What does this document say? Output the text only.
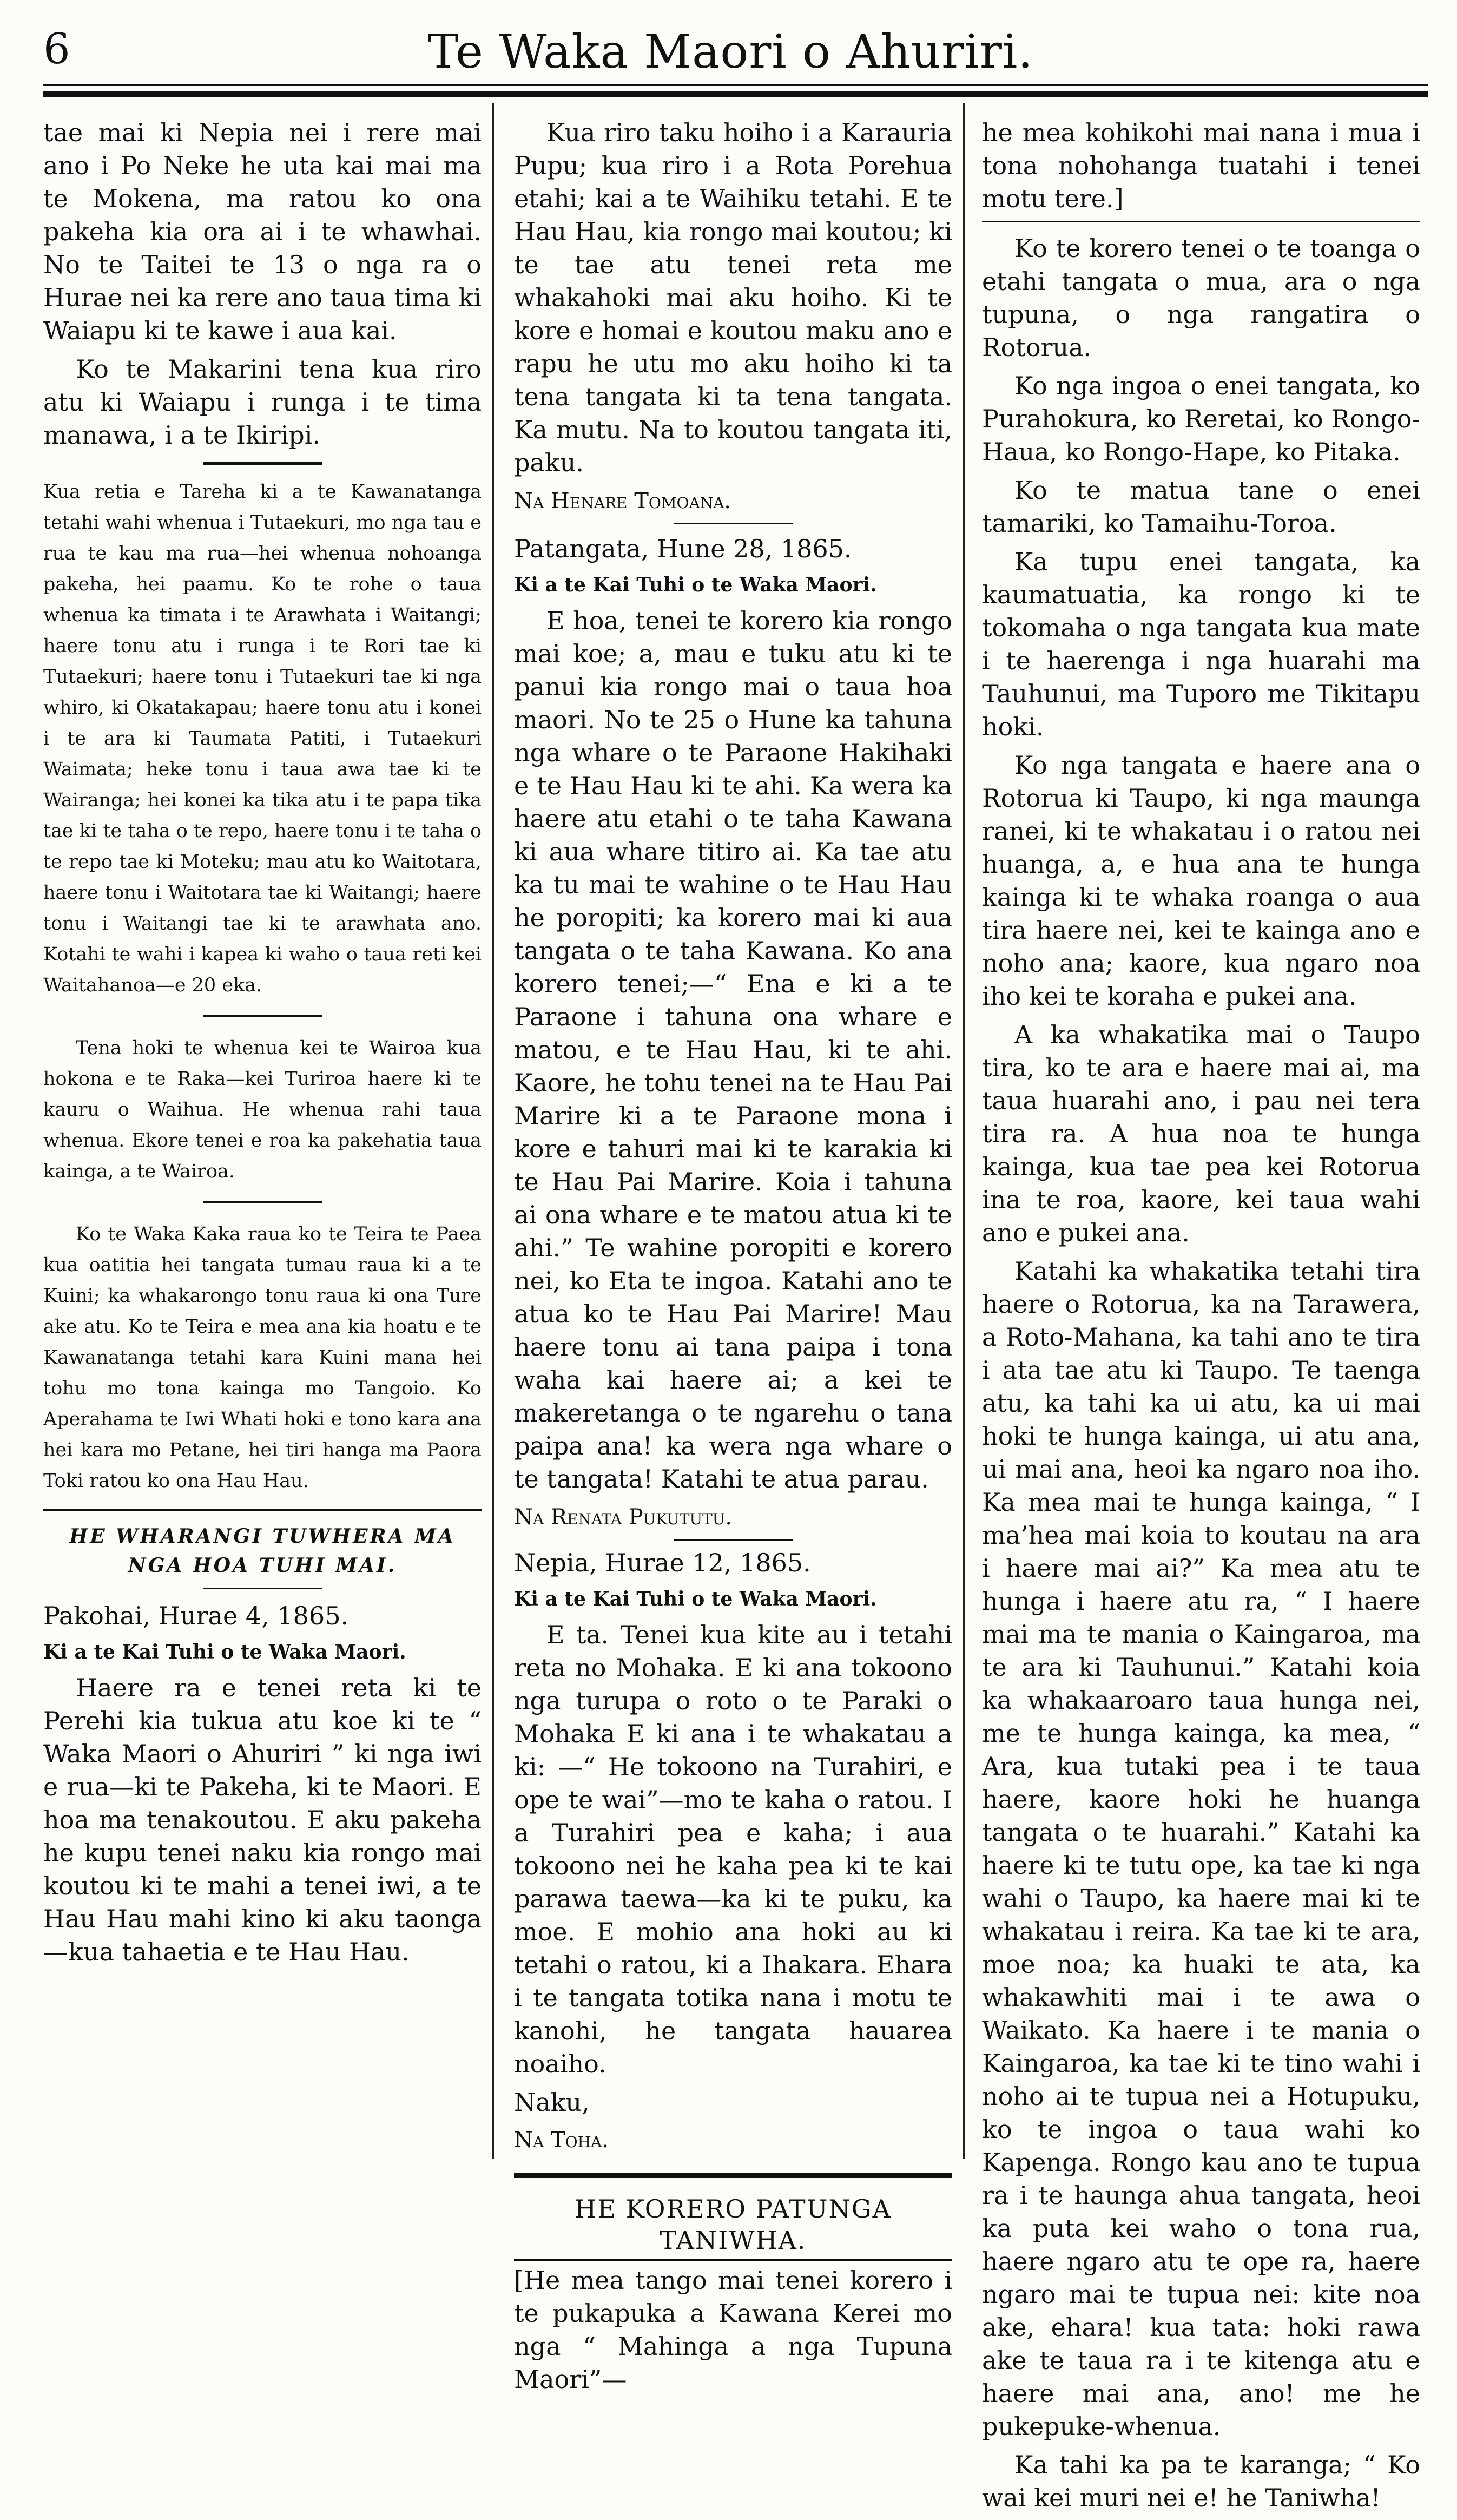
6	Te Waka Maori o Ahuriri.

tae mai ki Nepia nei i rere mai ano i Po Neke he uta kai mai ma te Mokena, ma ratou ko ona pakeha kia ora ai i te whawhai. No te Taitei te 13 o nga ra o Hurae nei ka rere ano taua tima ki Waiapu ki te kawe i aua kai.

Ko te Makarini tena kua riro atu ki Waiapu i runga i te tima manawa, i a te Ikiripi.

Kua retia e Tareha ki a te Kawanatanga tetahi wahi whenua i Tutaekuri, mo nga tau e rua te kau ma rua—hei whenua nohoanga pakeha, hei paamu. Ko te rohe o taua whenua ka timata i te Arawhata i Waitangi; haere tonu atu i runga i te Rori tae ki Tutaekuri; haere tonu i Tutaekuri tae ki nga whiro, ki Okatakapau; haere tonu atu i konei i te ara ki Taumata Patiti, i Tutaekuri Waimata; heke tonu i taua awa tae ki te Wairanga; hei konei ka tika atu i te papa tika tae ki te taha o te repo, haere tonu i te taha o te repo tae ki Moteku; mau atu ko Waitotara, haere tonu i Waitotara tae ki Waitangi; haere tonu i Waitangi tae ki te arawhata ano. Kotahi te wahi i kapea ki waho o taua reti kei Waitahanoa—e 20 eka.

Tena hoki te whenua kei te Wairoa kua hokona e te Raka—kei Turiroa haere ki te kauru o Waihua. He whenua rahi taua whenua. Ekore tenei e roa ka pakehatia taua kainga, a te Wairoa.

Ko te Waka Kaka raua ko te Teira te Paea kua oatitia hei tangata tumau raua ki a te Kuini; ka whakarongo tonu raua ki ona Ture ake atu. Ko te Teira e mea ana kia hoatu e te Kawanatanga tetahi kara Kuini mana hei tohu mo tona kainga mo Tangoio. Ko Aperahama te Iwi Whati hoki e tono kara ana hei kara mo Petane, hei tiri hanga ma Paora Toki ratou ko ona Hau Hau.

HE WHARANGI TUWHERA MA NGA HOA TUHI MAI.

Pakohai, Hurae 4, 1865.

Ki a te Kai Tuhi o te Waka Maori.

Haere ra e tenei reta ki te Perehi kia tukua atu koe ki te “ Waka Maori o Ahuriri ” ki nga iwi e rua—ki te Pakeha, ki te Maori. E hoa ma tenakoutou. E aku pakeha he kupu tenei naku kia rongo mai koutou ki te mahi a tenei iwi, a te Hau Hau mahi kino ki aku taonga—kua tahaetia e te Hau Hau.

Kua riro taku hoiho i a Karauria Pupu; kua riro i a Rota Porehua etahi; kai a te Waihiku tetahi. E te Hau Hau, kia rongo mai koutou; ki te tae atu tenei reta me whakahoki mai aku hoiho. Ki te kore e homai e koutou maku ano e rapu he utu mo aku hoiho ki ta tena tangata ki ta tena tangata. Ka mutu. Na to koutou tangata iti, paku.

Na Henare Tomoana.

Patangata, Hune 28, 1865.

Ki a te Kai Tuhi o te Waka Maori.

E hoa, tenei te korero kia rongo mai koe; a, mau e tuku atu ki te panui kia rongo mai o taua hoa maori. No te 25 o Hune ka tahuna nga whare o te Paraone Hakihaki e te Hau Hau ki te ahi. Ka wera ka haere atu etahi o te taha Kawana ki aua whare titiro ai. Ka tae atu ka tu mai te wahine o te Hau Hau he poropiti; ka korero mai ki aua tangata o te taha Kawana. Ko ana korero tenei;—“ Ena e ki a te Paraone i tahuna ona whare e matou, e te Hau Hau, ki te ahi. Kaore, he tohu tenei na te Hau Pai Marire ki a te Paraone mona i kore e tahuri mai ki te karakia ki te Hau Pai Marire. Koia i tahuna ai ona whare e te matou atua ki te ahi.” Te wahine poropiti e korero nei, ko Eta te ingoa. Katahi ano te atua ko te Hau Pai Marire! Mau haere tonu ai tana paipa i tona waha kai haere ai; a kei te makeretanga o te ngarehu o tana paipa ana! ka wera nga whare o te tangata! Katahi te atua parau.

Na Renata Pukututu.

Nepia, Hurae 12, 1865.

Ki a te Kai Tuhi o te Waka Maori.

E ta. Tenei kua kite au i tetahi reta no Mohaka. E ki ana tokoono nga turupa o roto o te Paraki o Mohaka E ki ana i te whakatau a ki: —“ He tokoono na Turahiri, e ope te wai”—mo te kaha o ratou. I a Turahiri pea e kaha; i aua tokoono nei he kaha pea ki te kai parawa taewa—ka ki te puku, ka moe. E mohio ana hoki au ki tetahi o ratou, ki a Ihakara. Ehara i te tangata totika nana i motu te kanohi, he tangata hauarea noaiho.

Naku,

Na Toha.

HE KORERO PATUNGA TANIWHA.

[He mea tango mai tenei korero i te pukapuka a Kawana Kerei mo nga “ Mahinga a nga Tupuna Maori”—

he mea kohikohi mai nana i mua i tona nohohanga tuatahi i tenei motu tere.]

Ko te korero tenei o te toanga o etahi tangata o mua, ara o nga tupuna, o nga rangatira o Rotorua.

Ko nga ingoa o enei tangata, ko Purahokura, ko Reretai, ko Rongo-Haua, ko Rongo-Hape, ko Pitaka.

Ko te matua tane o enei tamariki, ko Tamaihu-Toroa.

Ka tupu enei tangata, ka kaumatuatia, ka rongo ki te tokomaha o nga tangata kua mate i te haerenga i nga huarahi ma Tauhunui, ma Tuporo me Tikitapu hoki.

Ko nga tangata e haere ana o Rotorua ki Taupo, ki nga maunga ranei, ki te whakatau i o ratou nei huanga, a, e hua ana te hunga kainga ki te whaka roanga o aua tira haere nei, kei te kainga ano e noho ana; kaore, kua ngaro noa iho kei te koraha e pukei ana.

A ka whakatika mai o Taupo tira, ko te ara e haere mai ai, ma taua huarahi ano, i pau nei tera tira ra. A hua noa te hunga kainga, kua tae pea kei Rotorua ina te roa, kaore, kei taua wahi ano e pukei ana.

Katahi ka whakatika tetahi tira haere o Rotorua, ka na Tarawera, a Roto-Mahana, ka tahi ano te tira i ata tae atu ki Taupo. Te taenga atu, ka tahi ka ui atu, ka ui mai hoki te hunga kainga, ui atu ana, ui mai ana, heoi ka ngaro noa iho. Ka mea mai te hunga kainga, “ I ma’hea mai koia to koutau na ara i haere mai ai?” Ka mea atu te hunga i haere atu ra, “ I haere mai ma te mania o Kaingaroa, ma te ara ki Tauhunui.” Katahi koia ka whakaaroaro taua hunga nei, me te hunga kainga, ka mea, “ Ara, kua tutaki pea i te taua haere, kaore hoki he huanga tangata o te huarahi.” Katahi ka haere ki te tutu ope, ka tae ki nga wahi o Taupo, ka haere mai ki te whakatau i reira. Ka tae ki te ara, moe noa; ka huaki te ata, ka whakawhiti mai i te awa o Waikato. Ka haere i te mania o Kaingaroa, ka tae ki te tino wahi i noho ai te tupua nei a Hotupuku, ko te ingoa o taua wahi ko Kapenga. Rongo kau ano te tupua ra i te haunga ahua tangata, heoi ka puta kei waho o tona rua, haere ngaro atu te ope ra, haere ngaro mai te tupua nei: kite noa ake, ehara! kua tata: hoki rawa ake te taua ra i te kitenga atu e haere mai ana, ano! me he pukepuke-whenua.

Ka tahi ka pa te karanga; “ Ko wai kei muri nei e! he Taniwha!
